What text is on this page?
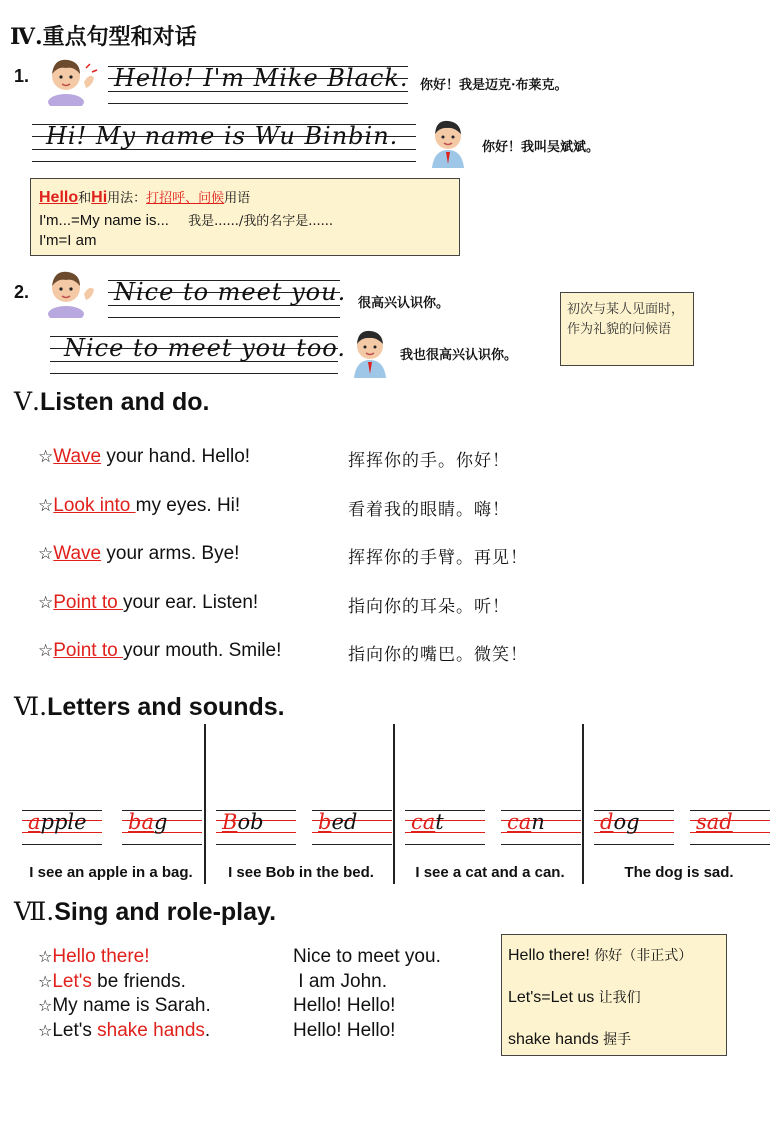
Ⅳ.重点句型和对话
1.	Hello! I'm Mike Black. 你好！我是迈克·布莱克。
Hi! My name is Wu Binbin.	你好！我叫吴斌斌。
Hello和Hi用法：打招呼、问候用语
I'm...=My name is... 我是....../我的名字是......
I'm=I am
2.	Nice to meet you. 很高兴认识你。
Nice to meet you too.	我也很高兴认识你。
初次与某人见面时，作为礼貌的问候语
Ⅴ.Listen and do.
☆Wave your hand. Hello!	挥挥你的手。你好！
☆Look into my eyes. Hi!	看着我的眼睛。嗨！
☆Wave your arms. Bye!	挥挥你的手臂。再见！
☆Point to your ear. Listen!	指向你的耳朵。听！
☆Point to your mouth. Smile!	指向你的嘴巴。微笑！
Ⅵ.Letters and sounds.
apple bag
I see an apple in a bag.
Bob	bed
I see Bob in the bed.
cat	can
I see a cat and a can.
dog	sad
The dog is sad.
Ⅶ.Sing and role-play.
☆Hello there!
☆Let's be friends.
☆My name is Sarah.
☆Let's shake hands.
Nice to meet you.
I am John.
Hello! Hello!
Hello! Hello!
Hello there! 你好（非正式）
Let's=Let us 让我们
shake hands 握手
